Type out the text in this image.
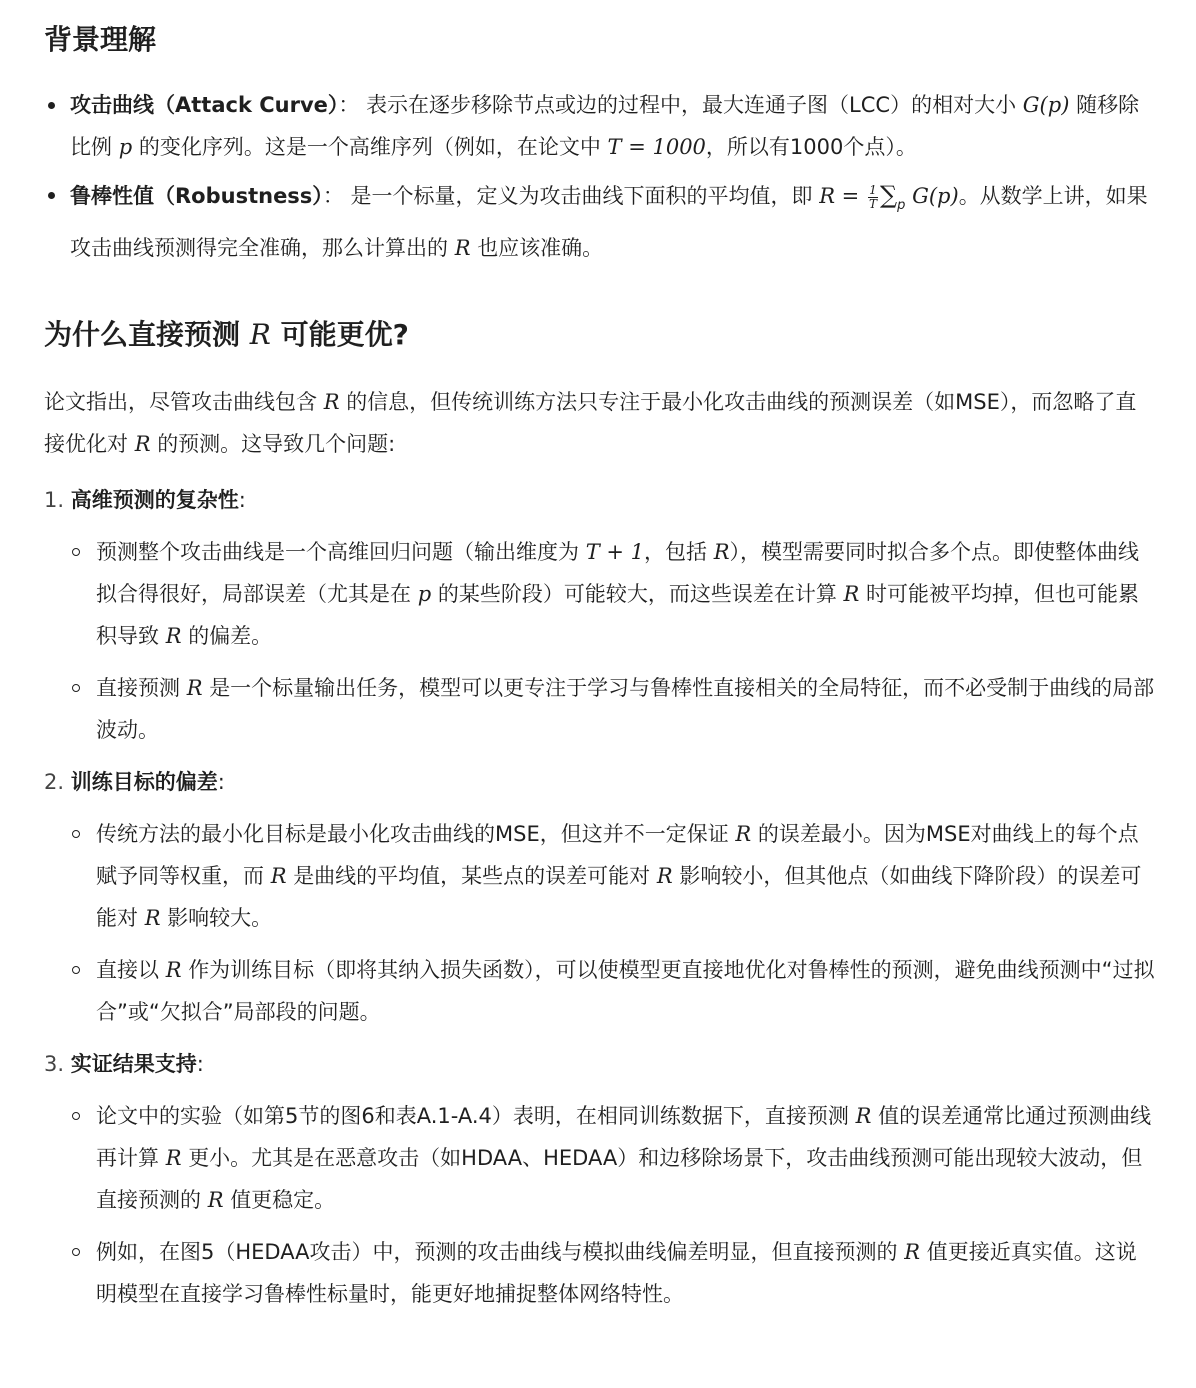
背景理解
攻击曲线（Attack Curve）： 表示在逐步移除节点或边的过程中，最大连通子图（LCC）的相对大小 G(p) 随移除比例 p 的变化序列。这是一个高维序列（例如，在论文中 T = 1000，所以有1000个点）。
鲁棒性值（Robustness）： 是一个标量，定义为攻击曲线下面积的平均值，即 $R = \frac{1}{T} \sum_p$ G(p)。从数学上讲，如果攻击曲线预测得完全准确，那么计算出的 R 也应该准确。
为什么直接预测 R 可能更优?

论文指出，尽管攻击曲线包含 R 的信息，但传统训练方法只专注于最小化攻击曲线的预测误差（如MSE），而忽略了直接优化对 R 的预测。这导致几个问题:

1. 高维预测的复杂性:
预测整个攻击曲线是一个高维回归问题（输出维度为 T + 1，包括 R），模型需要同时拟合多个点。即使整体曲线拟合得很好，局部误差（尤其是在 p 的某些阶段）可能较大，而这些误差在计算 R 时可能被平均掉，但也可能累积导致 R 的偏差。
直接预测 R 是一个标量输出任务，模型可以更专注于学习与鲁棒性直接相关的全局特征，而不必受制于曲线的局部波动。
2. 训练目标的偏差:
传统方法的最小化目标是最小化攻击曲线的MSE，但这并不一定保证 R 的误差最小。因为MSE对曲线上的每个点赋予同等权重，而 R 是曲线的平均值，某些点的误差可能对 R 影响较小，但其他点（如曲线下降阶段）的误差可能对 R 影响较大。
直接以 R 作为训练目标（即将其纳入损失函数），可以使模型更直接地优化对鲁棒性的预测，避免曲线预测中“过拟合”或“欠拟合”局部段的问题。
3. 实证结果支持:
论文中的实验（如第5节的图6和表A.1-A.4）表明，在相同训练数据下，直接预测 R 值的误差通常比通过预测曲线再计算 R 更小。尤其是在恶意攻击（如HDAA、HEDAA）和边移除场景下，攻击曲线预测可能出现较大波动，但直接预测的 R 值更稳定。
例如，在图5（HEDAA攻击）中，预测的攻击曲线与模拟曲线偏差明显，但直接预测的 R 值更接近真实值。这说明模型在直接学习鲁棒性标量时，能更好地捕捉整体网络特性。
